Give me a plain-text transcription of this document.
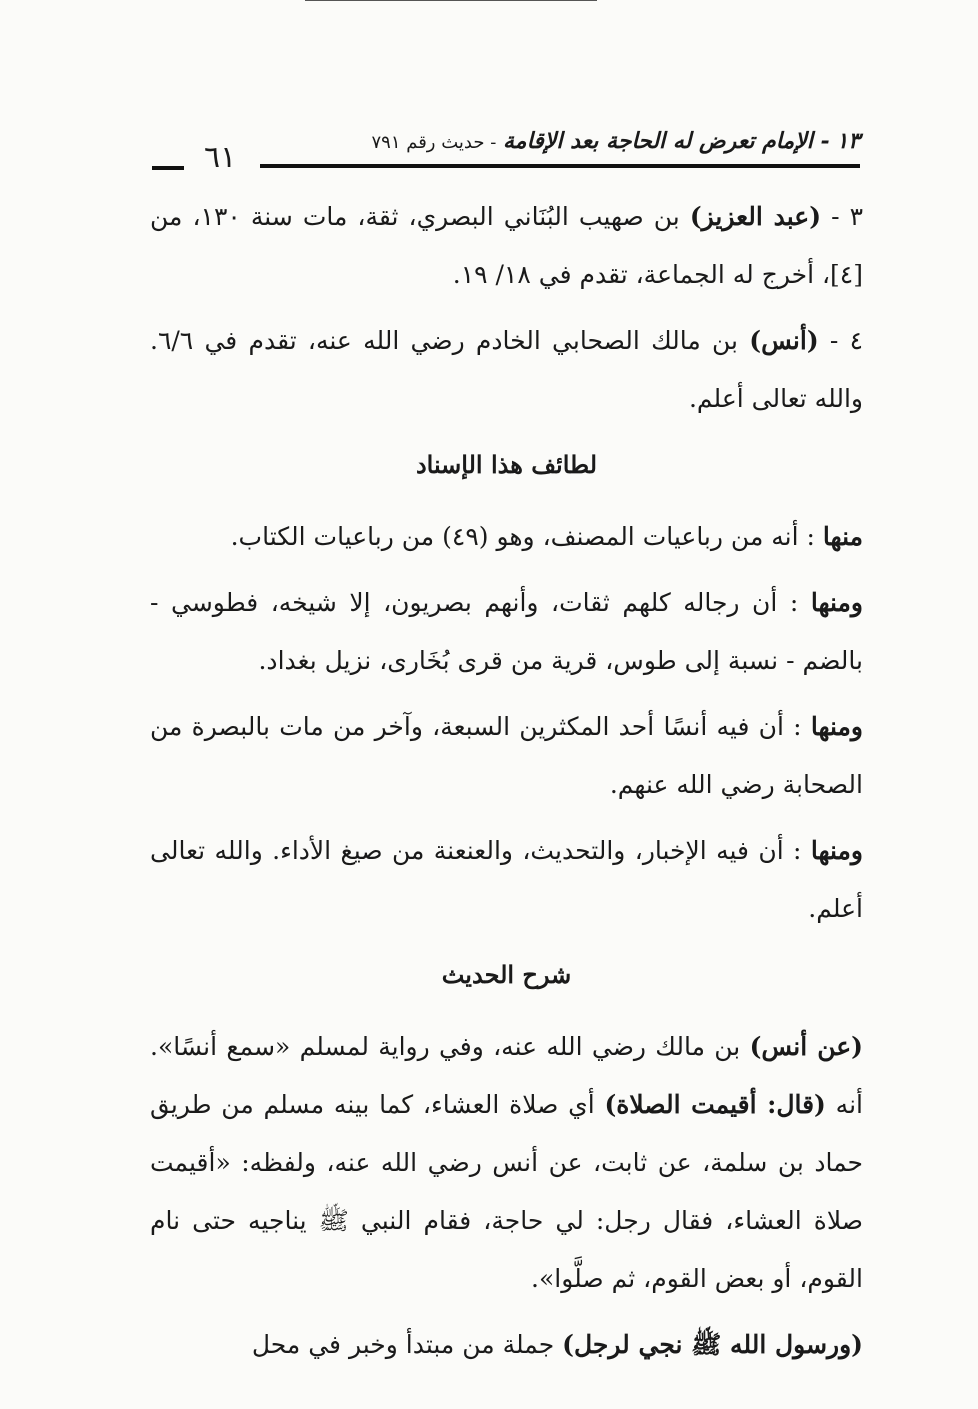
١٣ - الإمام تعرض له الحاجة بعد الإقامة - حديث رقم ٧٩١
٦١

٣ - (عبد العزيز) بن صهيب البُنَاني البصري، ثقة، مات سنة ١٣٠، من [٤]، أخرج له الجماعة، تقدم في ١٨/ ١٩.

٤ - (أنس) بن مالك الصحابي الخادم رضي الله عنه، تقدم في ٦/٦. والله تعالى أعلم.

لطائف هذا الإسناد

منها : أنه من رباعيات المصنف، وهو (٤٩) من رباعيات الكتاب.

ومنها : أن رجاله كلهم ثقات، وأنهم بصريون، إلا شيخه، فطوسي - بالضم - نسبة إلى طوس، قرية من قرى بُخَارى، نزيل بغداد.

ومنها : أن فيه أنسًا أحد المكثرين السبعة، وآخر من مات بالبصرة من الصحابة رضي الله عنهم.

ومنها : أن فيه الإخبار، والتحديث، والعنعنة من صيغ الأداء. والله تعالى أعلم.

شرح الحديث

(عن أنس) بن مالك رضي الله عنه، وفي رواية لمسلم «سمع أنسًا». أنه (قال: أقيمت الصلاة) أي صلاة العشاء، كما بينه مسلم من طريق حماد بن سلمة، عن ثابت، عن أنس رضي الله عنه، ولفظه: «أقيمت صلاة العشاء، فقال رجل: لي حاجة، فقام النبي ﷺ يناجيه حتى نام القوم، أو بعض القوم، ثم صلَّوا».

(ورسول الله ﷺ نجي لرجل) جملة من مبتدأ وخبر في محل
